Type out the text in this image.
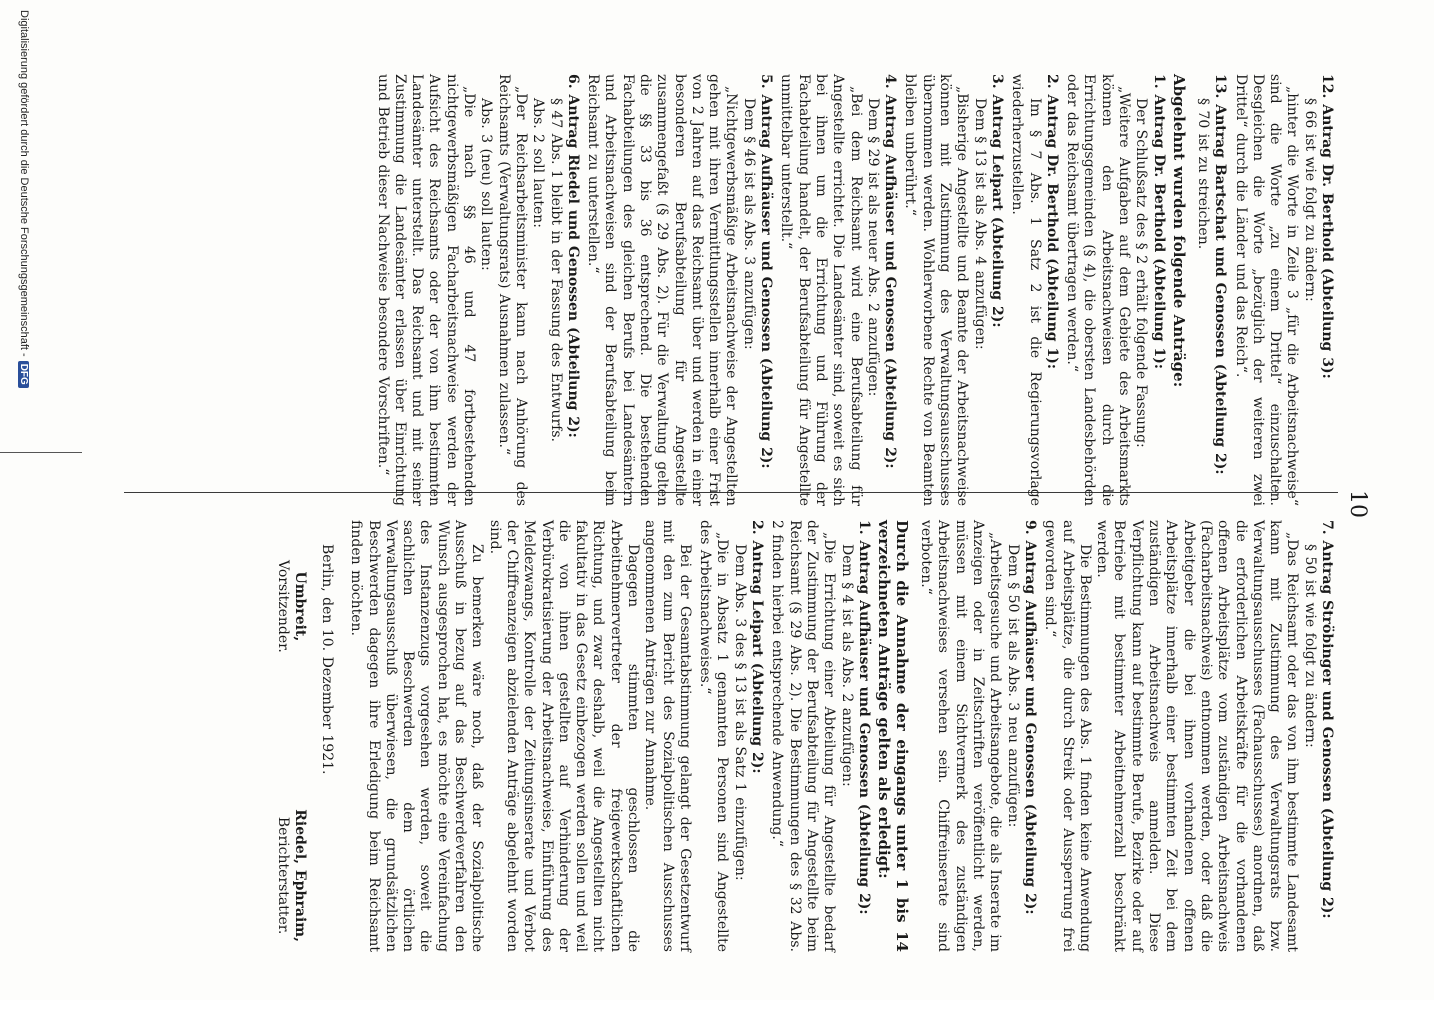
10

12. Antrag Dr. Berthold (Abteilung 3):

§ 66 ist wie folgt zu ändern:

„hinter die Worte in Zeile 3 „für die Arbeitsnachweise“ sind die Worte „zu einem Drittel“ einzuschalten. Desgleichen die Worte „bezüglich der weiteren zwei Drittel“ durch die Länder und das Reich“.

13. Antrag Bartschat und Genossen (Abteilung 2):

§ 70 ist zu streichen.

Abgelehnt wurden folgende Anträge:

1. Antrag Dr. Berthold (Abteilung 1):

Der Schlußsatz des § 2 erhält folgende Fassung:

„Weitere Aufgaben auf dem Gebiete des Arbeitsmarkts können den Arbeitsnachweisen durch die Errichtungsgemeinden (§ 4), die obersten Landesbehörden oder das Reichsamt übertragen werden.“

2. Antrag Dr. Berthold (Abteilung 1):

Im § 7 Abs. 1 Satz 2 ist die Regierungsvorlage wiederherzustellen.

3. Antrag Leipart (Abteilung 2):

Dem § 13 ist als Abs. 4 anzufügen:

„Bisherige Angestellte und Beamte der Arbeitsnachweise können mit Zustimmung des Verwaltungsausschusses übernommen werden. Wohlerworbene Rechte von Beamten bleiben unberührt.“

4. Antrag Aufhäuser und Genossen (Abteilung 2):

Dem § 29 ist als neuer Abs. 2 anzufügen:

„Bei dem Reichsamt wird eine Berufsabteilung für Angestellte errichtet. Die Landesämter sind, soweit es sich bei ihnen um die Errichtung und Führung der Fachabteilung handelt, der Berufsabteilung für Angestellte unmittelbar unterstellt.“

5. Antrag Aufhäuser und Genossen (Abteilung 2):

Dem § 46 ist als Abs. 3 anzufügen:

„Nichtgewerbsmäßige Arbeitsnachweise der Angestellten gehen mit ihren Vermittlungsstellen innerhalb einer Frist von 2 Jahren auf das Reichsamt über und werden in einer besonderen Berufsabteilung für Angestellte zusammengefaßt (§ 29 Abs. 2). Für die Verwaltung gelten die §§ 33 bis 36 entsprechend. Die bestehenden Fachabteilungen des gleichen Berufs bei Landesämtern und Arbeitsnachweisen sind der Berufsabteilung beim Reichsamt zu unterstellen.“

6. Antrag Riedel und Genossen (Abteilung 2):

§ 47 Abs. 1 bleibt in der Fassung des Entwurfs.

Abs. 2 soll lauten:

„Der Reichsarbeitsminister kann nach Anhörung des Reichsamts (Verwaltungsrats) Ausnahmen zulassen.“

Abs. 3 (neu) soll lauten:

„Die nach §§ 46 und 47 fortbestehenden nichtgewerbsmäßigen Facharbeitsnachweise werden der Aufsicht des Reichsamts oder der von ihm bestimmten Landesämter unterstellt. Das Reichsamt und mit seiner Zustimmung die Landesämter erlassen über Einrichtung und Betrieb dieser Nachweise besondere Vorschriften.“

7. Antrag Ströbinger und Genossen (Abteilung 2):

§ 50 ist wie folgt zu ändern:

„Das Reichsamt oder das von ihm bestimmte Landesamt kann mit Zustimmung des Verwaltungsrats bzw. Verwaltungsausschusses (Fachausschusses) anordnen, daß die erforderlichen Arbeitskräfte für die vorhandenen offenen Arbeitsplätze vom zuständigen Arbeitsnachweis (Facharbeitsnachweis) entnommen werden, oder daß die Arbeitgeber die bei ihnen vorhandenen offenen Arbeitsplätze innerhalb einer bestimmten Zeit bei dem zuständigen Arbeitsnachweis anmelden. Diese Verpflichtung kann auf bestimmte Berufe, Bezirke oder auf Betriebe mit bestimmter Arbeitnehmerzahl beschränkt werden.

Die Bestimmungen des Abs. 1 finden keine Anwendung auf Arbeitsplätze, die durch Streik oder Aussperrung frei geworden sind.“

9. Antrag Aufhäuser und Genossen (Abteilung 2):

Dem § 50 ist als Abs. 3 neu anzufügen:

„Arbeitsgesuche und Arbeitsangebote, die als Inserate im Anzeigen oder in Zeitschriften veröffentlicht werden, müssen mit einem Sichtvermerk des zuständigen Arbeitsnachweises versehen sein. Chiffreinserate sind verboten.“

Durch die Annahme der eingangs unter 1 bis 14 verzeichneten Anträge gelten als erledigt:

1. Antrag Aufhäuser und Genossen (Abteilung 2):

Dem § 4 ist als Abs. 2 anzufügen:

„Die Errichtung einer Abteilung für Angestellte bedarf der Zustimmung der Berufsabteilung für Angestellte beim Reichsamt (§ 29 Abs. 2). Die Bestimmungen des § 32 Abs. 2 finden hierbei entsprechende Anwendung.“

2. Antrag Leipart (Abteilung 2):

Dem Abs. 3 des § 13 ist als Satz 1 einzufügen:

„Die in Absatz 1 genannten Personen sind Angestellte des Arbeitsnachweises.“

Bei der Gesamtabstimmung gelangt der Gesetzentwurf mit den zum Bericht des Sozialpolitischen Ausschusses angenommenen Anträgen zur Annahme.

Dagegen stimmten geschlossen die Arbeitnehmervertreter der freigewerkschaftlichen Richtung, und zwar deshalb, weil die Angestellten nicht fakultativ in das Gesetz einbezogen werden sollen und weil die von ihnen gestellten auf Verhinderung der Verbürokratisierung der Arbeitsnachweise, Einführung des Meldezwangs, Kontrolle der Zeitungsinserate und Verbot der Chiffreanzeigen abzielenden Anträge abgelehnt worden sind.

Zu bemerken wäre noch, daß der Sozialpolitische Ausschuß in bezug auf das Beschwerdeverfahren den Wunsch ausgesprochen hat, es möchte eine Vereinfachung des Instanzenzugs vorgesehen werden, soweit die sachlichen Beschwerden dem örtlichen Verwaltungsausschuß überwiesen, die grundsätzlichen Beschwerden dagegen ihre Erledigung beim Reichsamt finden möchten.

Berlin, den 10. Dezember 1921.

Umbreit,
Vorsitzender.
Riedel, Ephraim,
Berichterstatter.
Digitalisierung gefördert durch die Deutsche Forschungsgemeinschaft -DFG
